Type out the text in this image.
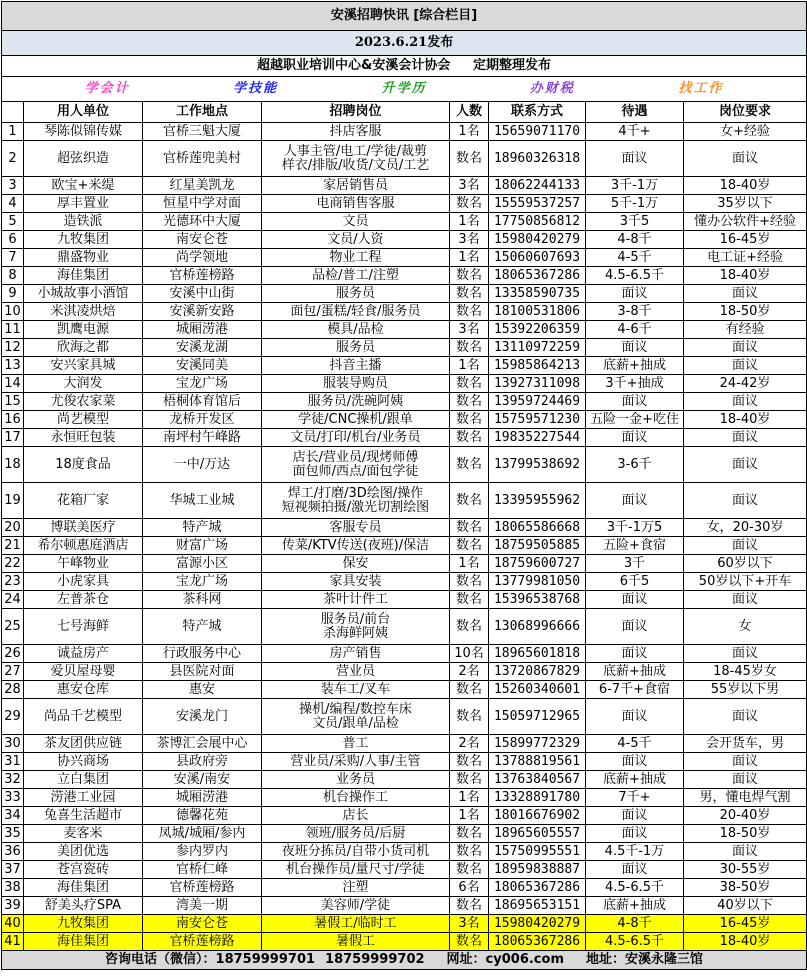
安溪招聘快讯 [综合栏目]							
2023.6.21发布							
超越职业培训中心&安溪会计协会     定期整理发布							

学会计 学技能 升学历 办财税 找工作							

	用人单位	工作地点	招聘岗位	人数	联系方式	待遇	岗位要求
1	琴陈似锦传媒	官桥三魁大厦	抖店客服	1名	15659071170	4千+	女+经验
2	超弦织造	官桥莲兜美村	人事主管/电工/学徒/裁剪
样衣/排版/收货/文员/工艺	数名	18960326318	面议	面议
3	欧宝+米缇	红星美凯龙	家居销售员	3名	18062244133	3千-1万	18-40岁
4	厚丰置业	恒星中学对面	电商销售客服	数名	15559537257	5千-1万	35岁以下
5	造铁派	光德环中大厦	文员	1名	17750856812	3千5	懂办公软件+经验
6	九牧集团	南安仑苍	文员/人资	3名	15980420279	4-8千	16-45岁
7	鼎盛物业	尚学领地	物业工程	1名	15060607693	4-5千	电工证+经验
8	海佳集团	官桥莲榜路	品检/普工/注塑	数名	18065367286	4.5-6.5千	18-40岁
9	小城故事小酒馆	安溪中山街	服务员	数名	13358590735	面议	面议
10	米淇凌烘焙	安溪新安路	面包/蛋糕/轻食/服务员	数名	18100531806	3-8千	18-50岁
11	凯鹰电源	城厢涝港	模具/品检	3名	15392206359	4-6千	有经验
12	欣海之都	安溪龙湖	服务员	数名	13110972259	面议	面议
13	安兴家具城	安溪同美	抖音主播	1名	15985864213	底薪+抽成	面议
14	大润发	宝龙广场	服装导购员	数名	13927311098	3千+抽成	24-42岁
15	尤俊农家菜	梧桐体育馆后	服务员/洗碗阿姨	数名	13959724469	面议	面议
16	尚艺模型	龙桥开发区	学徒/CNC操机/跟单	数名	15759571230	五险一金+吃住	18-40岁
17	永恒旺包装	南坪村午峰路	文员/打印/机台/业务员	数名	19835227544	面议	面议
18	18度食品	一中/万达	店长/营业员/现烤师傅
面包师/西点/面包学徒	数名	13799538692	3-6千	面议
19	花箱厂家	华城工业城	焊工/打磨/3D绘图/操作
短视频拍摄/激光切割绘图	数名	13395955962	面议	面议
20	博联美医疗	特产城	客服专员	数名	18065586668	3千-1万5	女，20-30岁
21	希尔顿惠庭酒店	财富广场	传菜/KTV传送(夜班)/保洁	数名	18759505885	五险+食宿	面议
22	午峰物业	富源小区	保安	1名	18759600727	3千	60岁以下
23	小虎家具	宝龙广场	家具安装	数名	13779981050	6千5	50岁以下+开车
24	左普茶仓	茶科网	茶叶计件工	数名	15396538768	面议	面议
25	七号海鲜	特产城	服务员/前台
杀海鲜阿姨	数名	13068996666	面议	女
26	诚益房产	行政服务中心	房产销售	10名	18965601818	面议	面议
27	爱贝屋母婴	县医院对面	营业员	2名	13720867829	底薪+抽成	18-45岁女
28	惠安仓库	惠安	装车工/叉车	数名	15260340601	6-7千+食宿	55岁以下男
29	尚品千艺模型	安溪龙门	操机/编程/数控车床
文员/跟单/品检	数名	15059712965	面议	面议
30	茶友团供应链	茶博汇会展中心	普工	2名	15899772329	4-5千	会开货车，男
31	协兴商场	县政府旁	营业员/采购/人事/主管	数名	13788819561	面议	面议
32	立白集团	安溪/南安	业务员	数名	13763840567	底薪+抽成	面议
33	涝港工业园	城厢涝港	机台操作工	1名	13328891780	7千+	男，懂电焊气割
34	兔喜生活超市	德馨花苑	店长	1名	18016676902	面议	20-40岁
35	麦客米	凤城/城厢/参内	领班/服务员/后厨	数名	18965605557	面议	18-50岁
36	美团优选	参内罗内	夜班分拣员/自带小货司机	数名	15750995551	4.5千-1万	面议
37	苍宫瓷砖	官桥仁峰	机台操作员/量尺寸/学徒	数名	18959838887	面议	30-55岁
38	海佳集团	官桥莲榜路	注塑	6名	18065367286	4.5-6.5千	38-50岁
39	舒美头疗SPA	湾美一期	美容师/学徒	数名	18695653151	底薪+抽成	40岁以下
40	九牧集团	南安仑苍	暑假工/临时工	3名	15980420279	4-8千	16-45岁
41	海佳集团	官桥莲榜路	暑假工	数名	18065367286	4.5-6.5千	18-40岁

咨询电话（微信）：18759999701 18759999702 网址：cy006.com 地址：安溪永隆三馆							
